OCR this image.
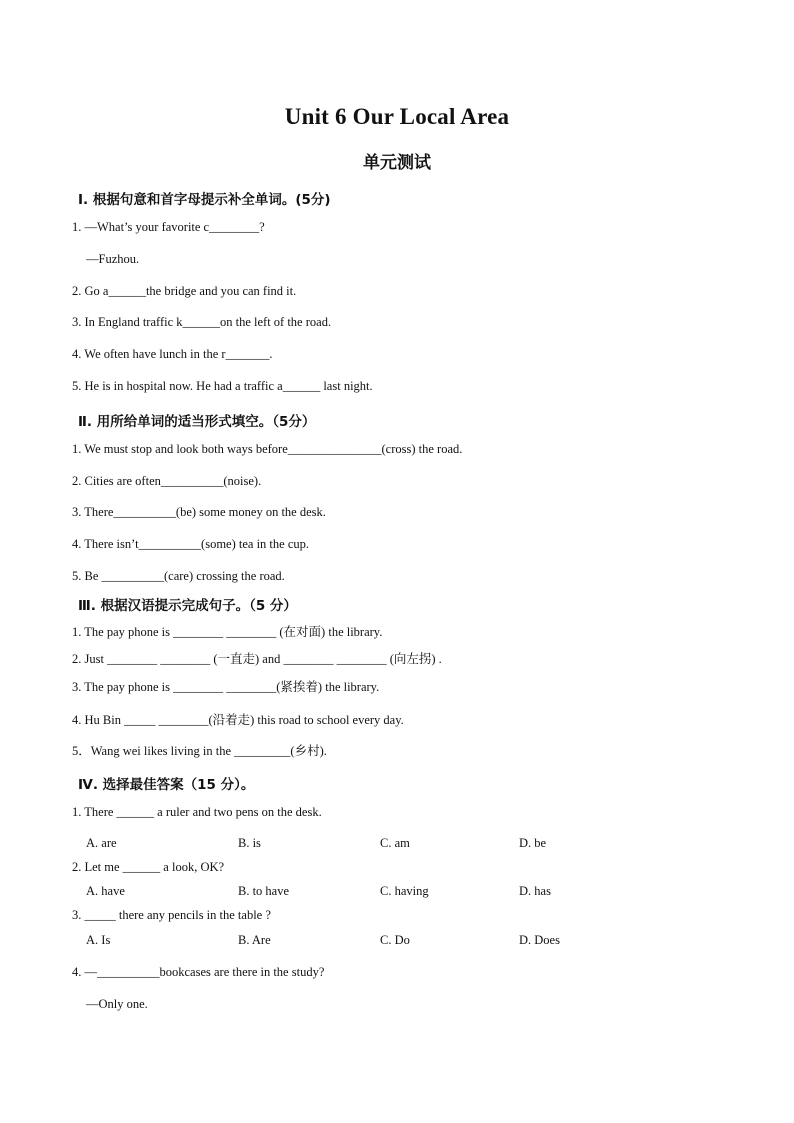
Unit 6 Our Local Area
单元测试
Ⅰ. 根据句意和首字母提示补全单词。(5分)
1. —What’s your favorite c________?
—Fuzhou.
2. Go a______the bridge and you can find it.
3. In England traffic k______on the left of the road.
4. We often have lunch in the r_______.
5. He is in hospital now. He had a traffic a______ last night.
Ⅱ. 用所给单词的适当形式填空。（5分）
1. We must stop and look both ways before_______________(cross) the road.
2. Cities are often__________(noise).
3. There__________(be) some money on the desk.
4. There isn’t__________(some) tea in the cup.
5. Be __________(care) crossing the road.
Ⅲ. 根据汉语提示完成句子。（5 分）
1. The pay phone is ________ ________ (在对面) the library.
2. Just ________ ________ (一直走) and ________ ________ (向左拐) .
3. The pay phone is ________ ________(紧挨着) the library.
4. Hu Bin _____ ________(沿着走) this road to school every day.
5．Wang wei likes living in the _________(乡村).
Ⅳ. 选择最佳答案（15 分）。
1. There ______ a ruler and two pens on the desk.
A. are	B. is	C. am	D. be
2. Let me ______ a look, OK?
A. have	B. to have	C. having	D. has
3. _____ there any pencils in the table ?
A. Is	B. Are	C. Do	D. Does
4. —__________bookcases are there in the study?
—Only one.
